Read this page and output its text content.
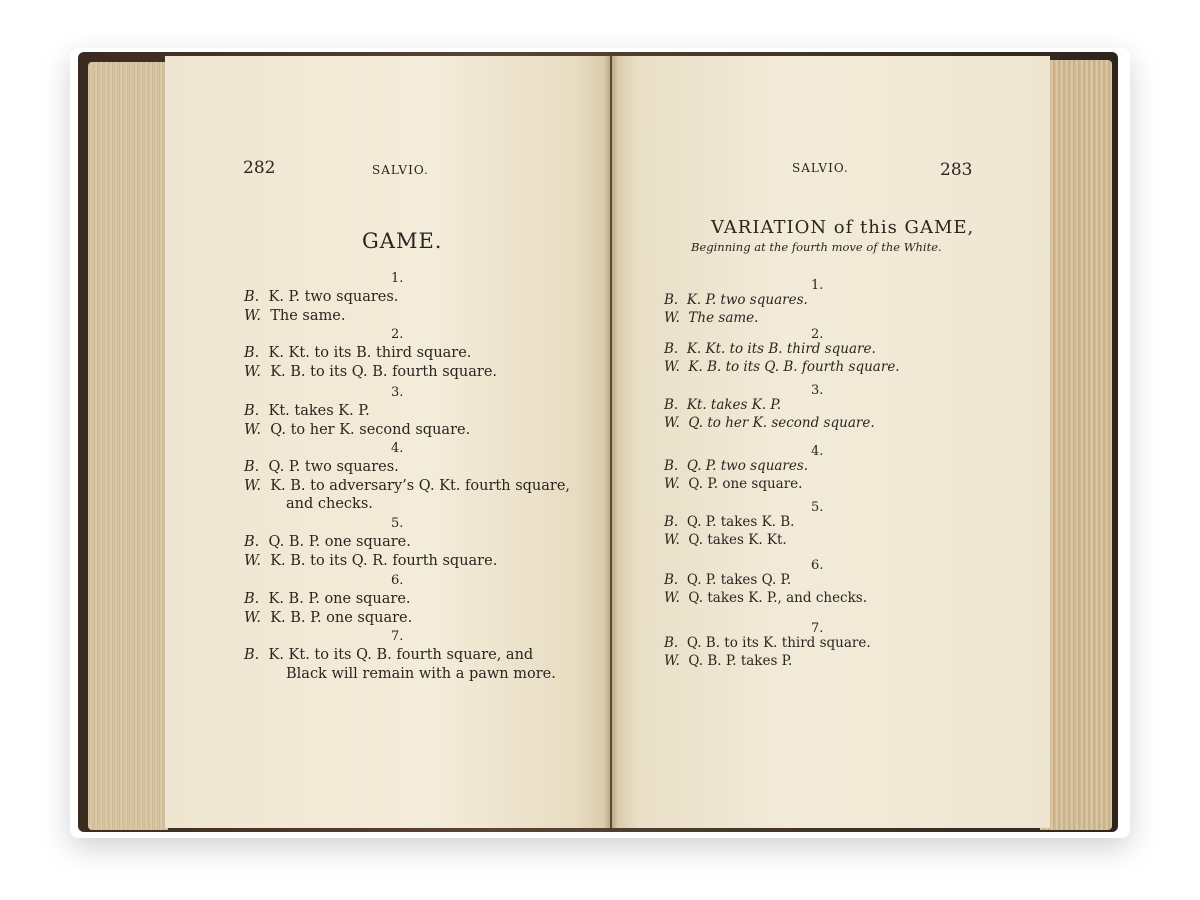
282	SALVIO.
GAME.
SALVIO.	283
VARIATION of this GAME,
Beginning at the fourth move of the White.
1.
B. K. P. two squares.
W. The same.
2.
B. K. Kt. to its B. third square.
W. K. B. to its Q. B. fourth square.
3.
B. Kt. takes K. P.
W. Q. to her K. second square.
4.
B. Q. P. two squares.
W. K. B. to adversary’s Q. Kt. fourth square,
and checks.
5.
B. Q. B. P. one square.
W. K. B. to its Q. R. fourth square.
6.
B. K. B. P. one square.
W. K. B. P. one square.
7.
B. K. Kt. to its Q. B. fourth square, and
Black will remain with a pawn more.
1.
B. K. P. two squares.
W. The same.
2.
B. K. Kt. to its B. third square.
W. K. B. to its Q. B. fourth square.
3.
B. Kt. takes K. P.
W. Q. to her K. second square.
4.
B. Q. P. two squares.
W. Q. P. one square.
5.
B. Q. P. takes K. B.
W. Q. takes K. Kt.
6.
B. Q. P. takes Q. P.
W. Q. takes K. P., and checks.
7.
B. Q. B. to its K. third square.
W. Q. B. P. takes P.
